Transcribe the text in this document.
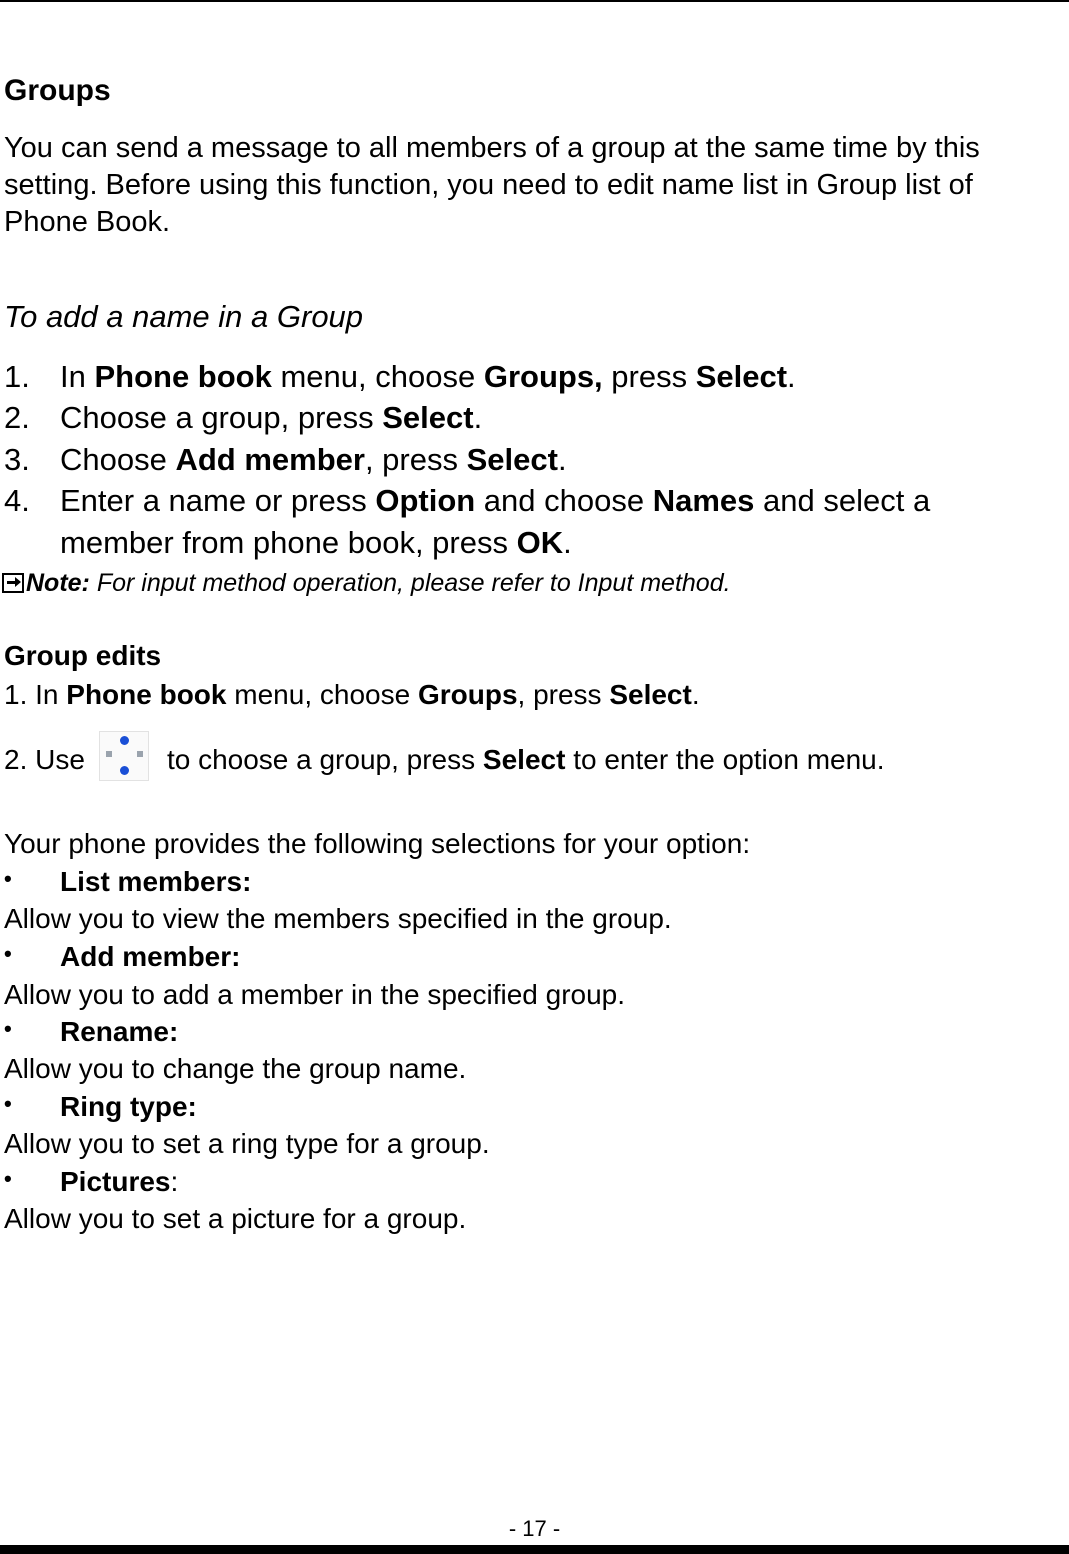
Groups
You can send a message to all members of a group at the same time by this setting. Before using this function, you need to edit name list in Group list of Phone Book.
To add a name in a Group
1. In Phone book menu, choose Groups, press Select.
2. Choose a group, press Select.
3. Choose Add member, press Select.
4. Enter a name or press Option and choose Names and select a
member from phone book, press OK.
Note: For input method operation, please refer to Input method.
Group edits
1. In Phone book menu, choose Groups, press Select.
2. Use	to choose a group, press Select to enter the option menu.
Your phone provides the following selections for your option:
• List members:
Allow you to view the members specified in the group.
• Add member:
Allow you to add a member in the specified group.
• Rename:
Allow you to change the group name.
• Ring type:
Allow you to set a ring type for a group.
• Pictures:
Allow you to set a picture for a group.
- 17 -
